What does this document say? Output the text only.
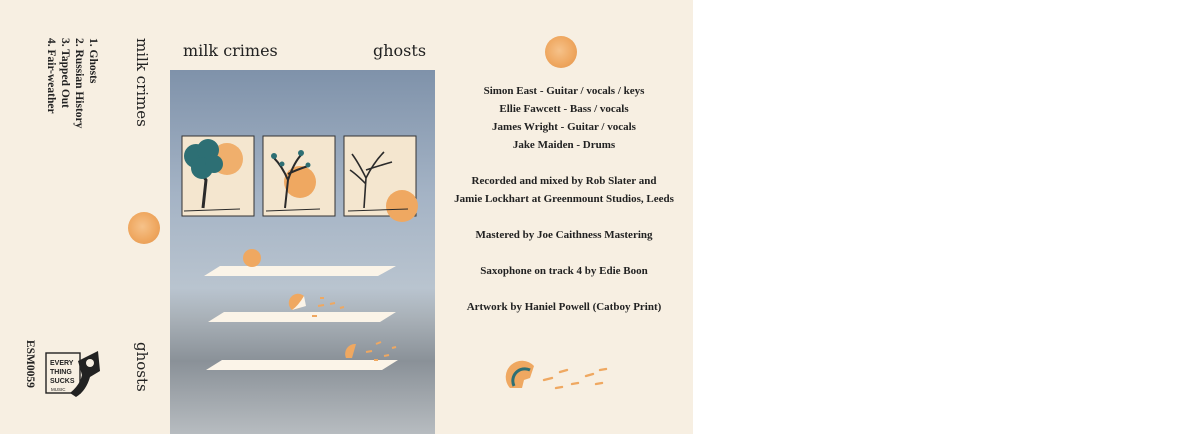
1. Ghosts
2. Russian History
3. Tapped Out
4. Fair-weather
ESM0059 EVERY
THING
SUCKS
MUSIC
milk crimes
ghosts
milk crimes	ghosts
Simon East - Guitar / vocals / keys
Ellie Fawcett - Bass / vocals
James Wright - Guitar / vocals
Jake Maiden - Drums
Recorded and mixed by Rob Slater and
Jamie Lockhart at Greenmount Studios, Leeds
Mastered by Joe Caithness Mastering
Saxophone on track 4 by Edie Boon
Artwork by Haniel Powell (Catboy Print)
